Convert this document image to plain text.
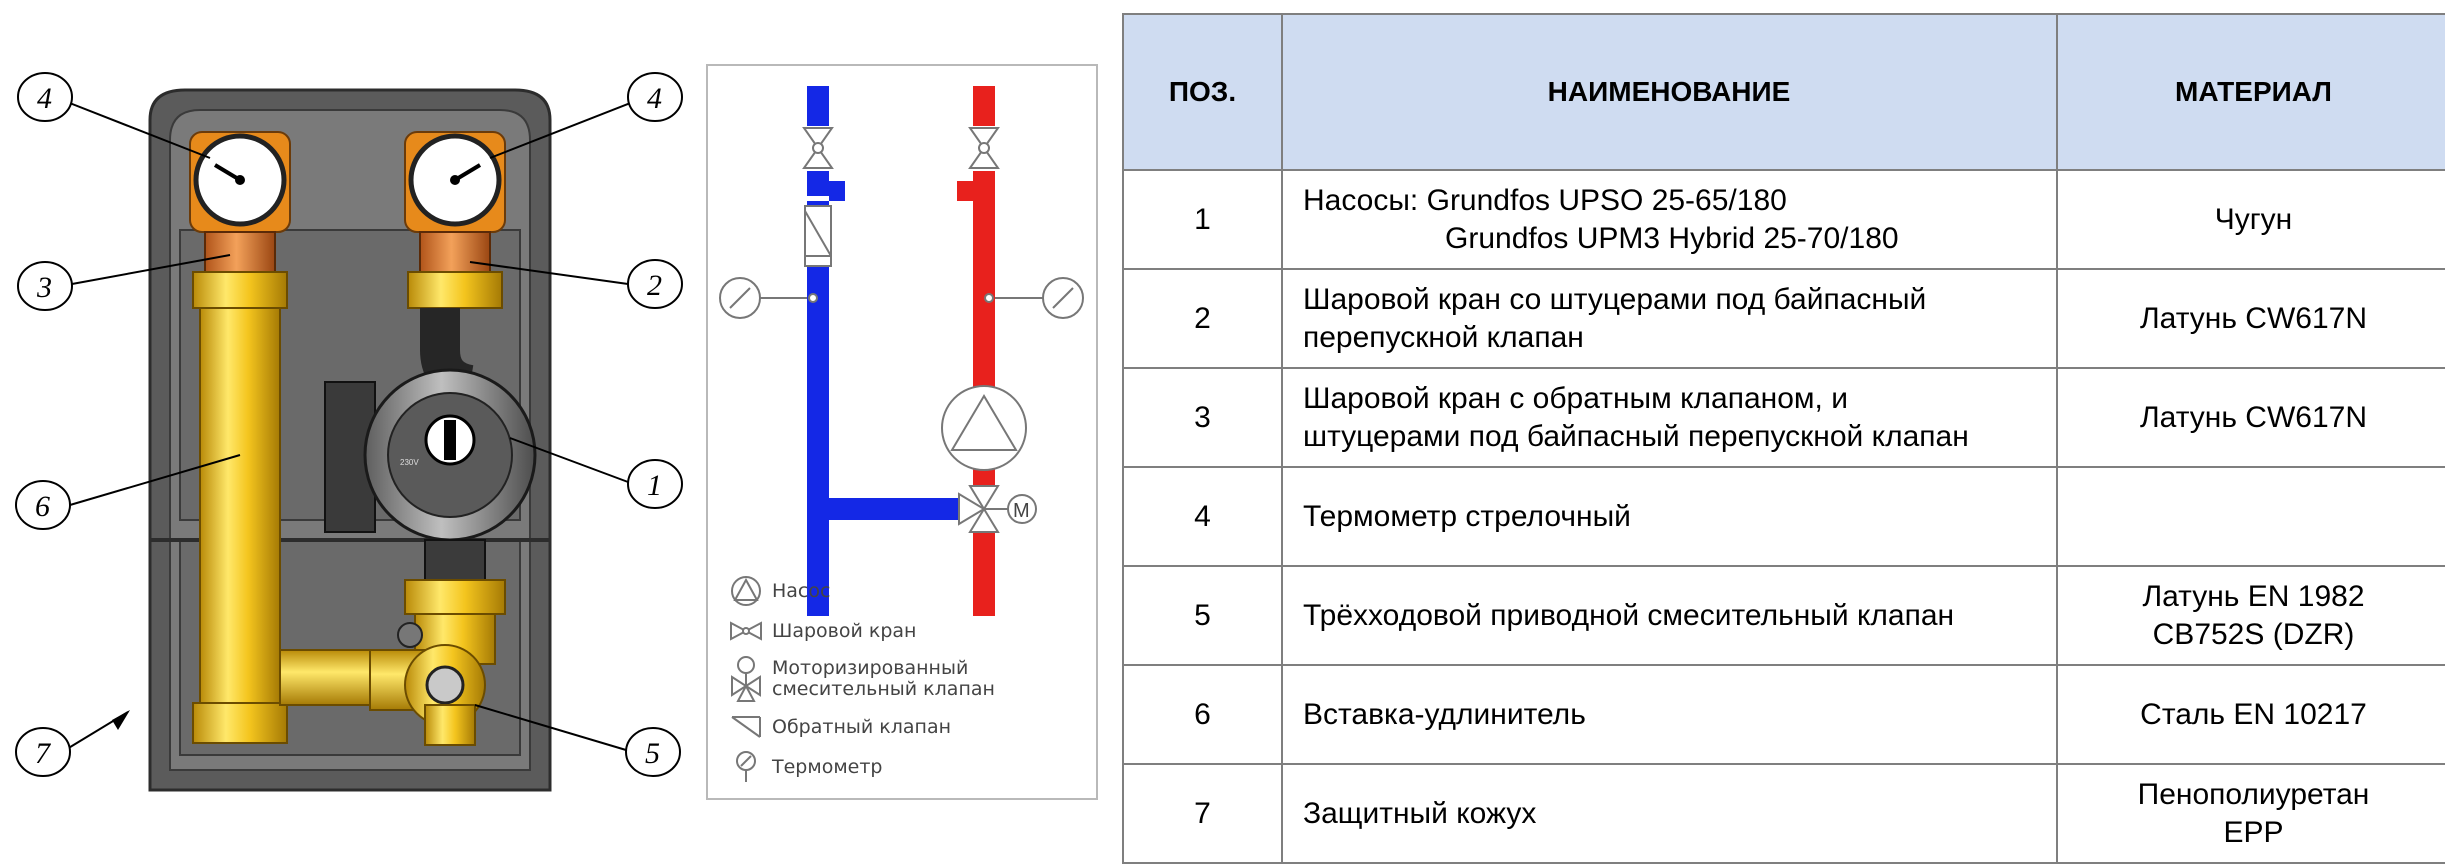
230V
4	4
3	2
6
1
7	5
M
Насос
Шаровой кран
Моторизированный
смесительный клапан
Обратный клапан
Термометр
ПОЗ.	НАИМЕНОВАНИЕ	МАТЕРИАЛ
1	Насосы: Grundfos UPSO 25-65/180
Grundfos UPM3 Hybrid 25-70/180	Чугун

2	Шаровой кран со штуцерами под байпасный
перепускной клапан	Латунь CW617N

3	Шаровой кран с обратным клапаном, и
штуцерами под байпасный перепускной клапан	Латунь CW617N

4	Термометр стрелочный	

5	Трёхходовой приводной смесительный клапан	Латунь EN 1982
CB752S (DZR)

6	Вставка-удлинитель	Сталь EN 10217

7	Защитный кожух	Пенополиуретан
EPP
